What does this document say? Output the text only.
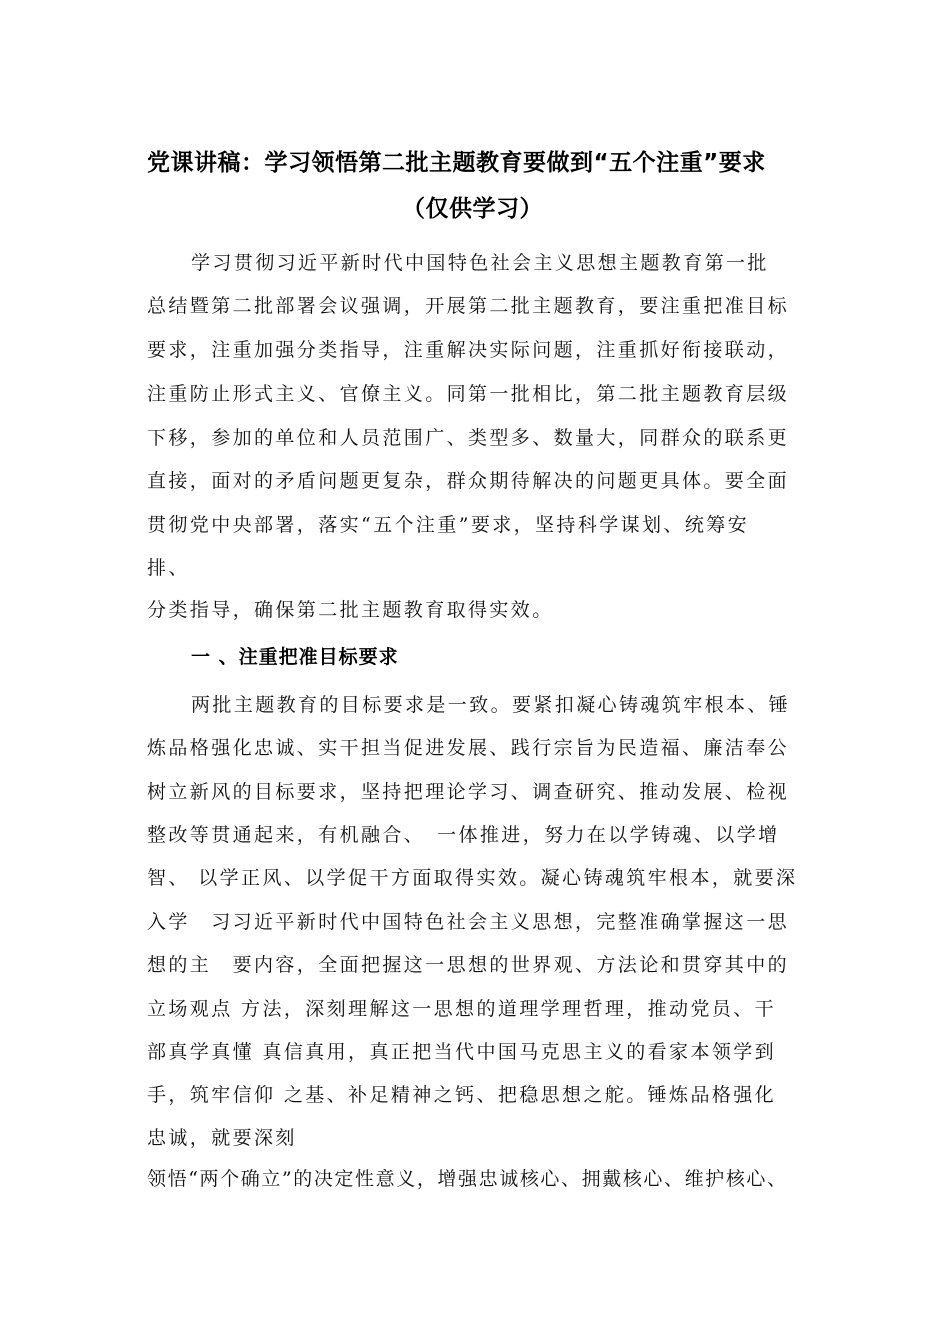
党课讲稿：学习领悟第二批主题教育要做到“五个注重”要求
（仅供学习）
学习贯彻习近平新时代中国特色社会主义思想主题教育第一批
总结暨第二批部署会议强调，开展第二批主题教育，要注重把准目标
要求，注重加强分类指导，注重解决实际问题，注重抓好衔接联动，
注重防止形式主义、官僚主义。同第一批相比，第二批主题教育层级
下移，参加的单位和人员范围广、类型多、数量大，同群众的联系更
直接，面对的矛盾问题更复杂，群众期待解决的问题更具体。要全面
贯彻党中央部署，落实“五个注重”要求，坚持科学谋划、统筹安
排、
分类指导，确保第二批主题教育取得实效。
一 、注重把准目标要求
两批主题教育的目标要求是一致。要紧扣凝心铸魂筑牢根本、锤
炼品格强化忠诚、实干担当促进发展、践行宗旨为民造福、廉洁奉公
树立新风的目标要求，坚持把理论学习、调查研究、推动发展、检视
整改等贯通起来，有机融合、　一体推进，努力在以学铸魂、以学增
智、 以学正风、以学促干方面取得实效。凝心铸魂筑牢根本，就要深
入学　习习近平新时代中国特色社会主义思想，完整准确掌握这一思
想的主　要内容，全面把握这一思想的世界观、方法论和贯穿其中的
立场观点 方法，深刻理解这一思想的道理学理哲理，推动党员、干
部真学真懂 真信真用，真正把当代中国马克思主义的看家本领学到
手，筑牢信仰 之基、补足精神之钙、把稳思想之舵。锤炼品格强化
忠诚，就要深刻
领悟“两个确立”的决定性意义，增强忠诚核心、拥戴核心、维护核心、
